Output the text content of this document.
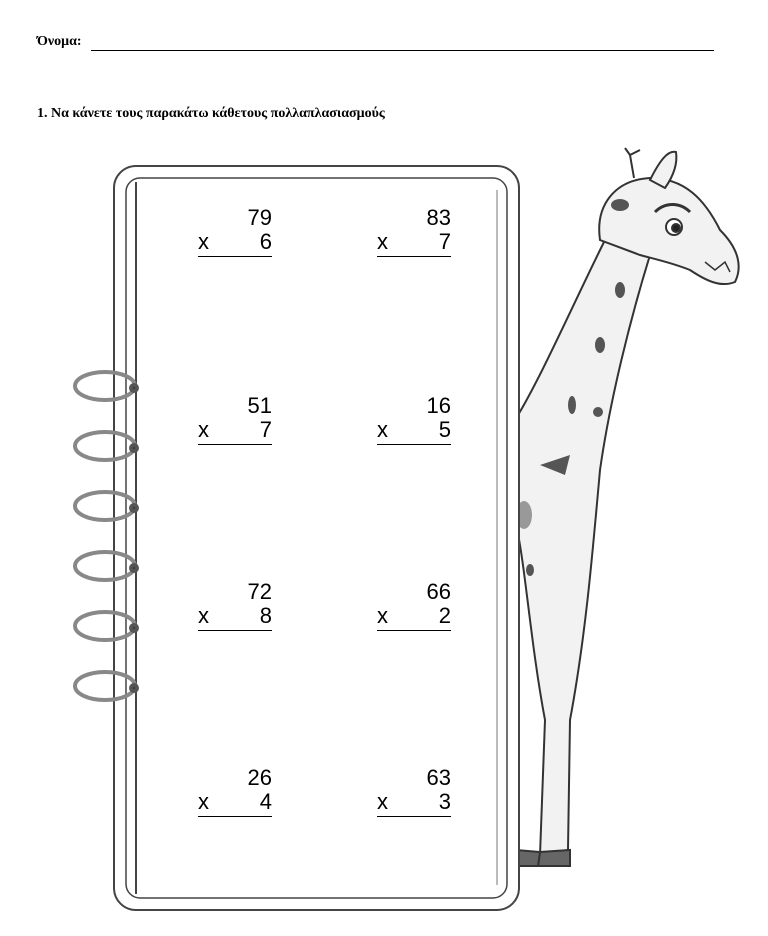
Όνομα:
1. Να κάνετε τους παρακάτω κάθετους πολλαπλασιασμούς
79
x 6
83
x 7
51
x 7
16
x 5
72
x 8
66
x 2
26
x 4
63
x 3
